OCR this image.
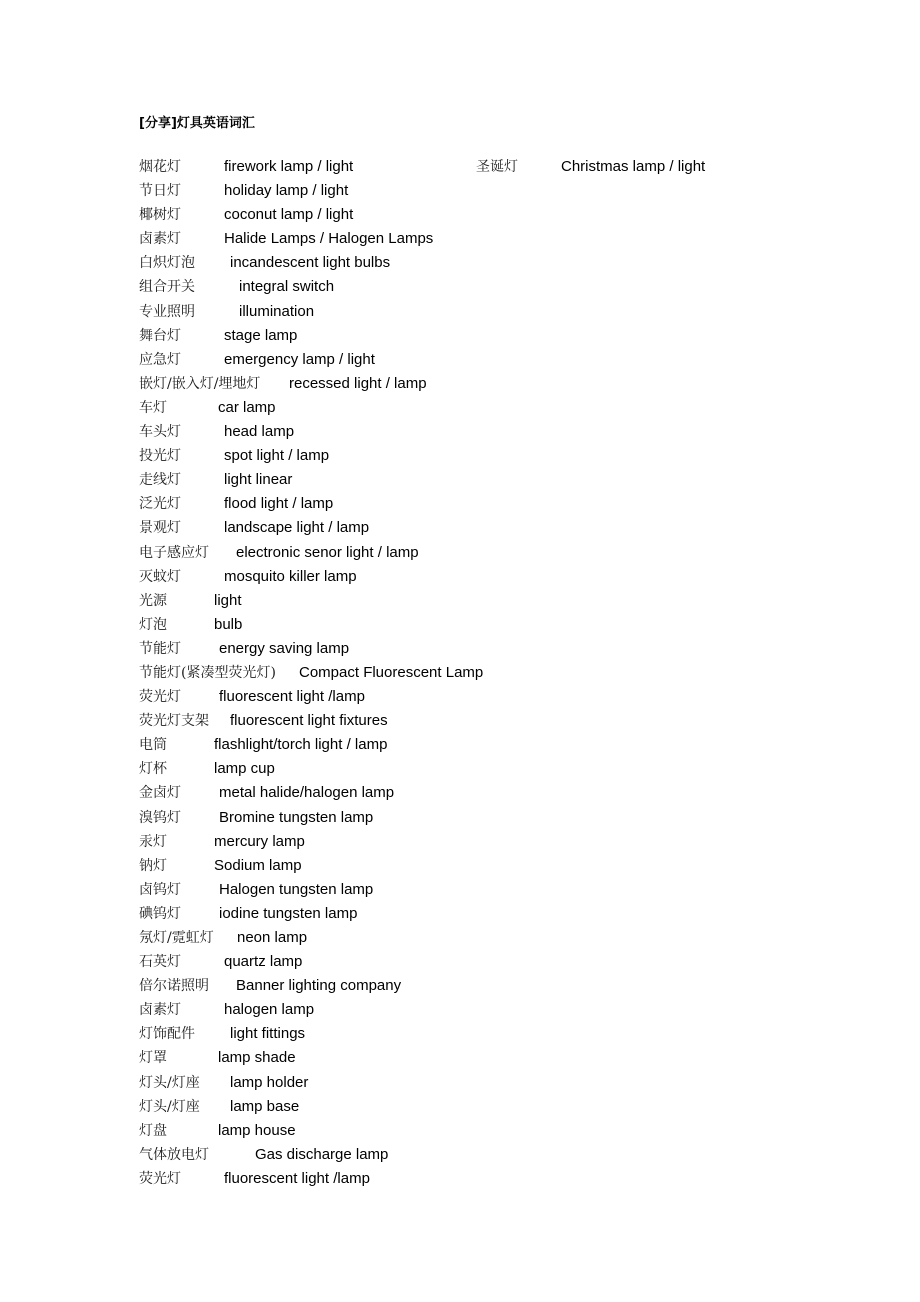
[分享]灯具英语词汇
烟花灯	firework lamp / light	圣诞灯	Christmas lamp / light
节日灯	holiday lamp / light
椰树灯	coconut lamp / light
卤素灯	Halide Lamps / Halogen Lamps
白炽灯泡 incandescent light bulbs
组合开关	integral switch
专业照明	illumination
舞台灯	stage lamp
应急灯	emergency lamp / light
嵌灯/嵌入灯/埋地灯 recessed light / lamp
车灯	car lamp
车头灯	head lamp
投光灯	spot light / lamp
走线灯	light linear
泛光灯	flood light / lamp
景观灯	landscape light / lamp
电子感应灯 electronic senor light / lamp
灭蚊灯	mosquito killer lamp
光源	light
灯泡	bulb
节能灯	energy saving lamp
节能灯(紧凑型荧光灯) Compact Fluorescent Lamp
荧光灯	fluorescent light /lamp
荧光灯支架 fluorescent light fixtures
电筒	flashlight/torch light / lamp
灯杯	lamp cup
金卤灯	metal halide/halogen lamp
溴钨灯	Bromine tungsten lamp
汞灯	mercury lamp
钠灯	Sodium lamp
卤钨灯	Halogen tungsten lamp
碘钨灯	iodine tungsten lamp
氖灯/霓虹灯 neon lamp
石英灯	quartz lamp
倍尔诺照明 Banner lighting company
卤素灯	halogen lamp
灯饰配件 light fittings
灯罩	lamp shade
灯头/灯座 lamp holder
灯头/灯座 lamp base
灯盘	lamp house
气体放电灯	Gas discharge lamp
荧光灯	fluorescent light /lamp
